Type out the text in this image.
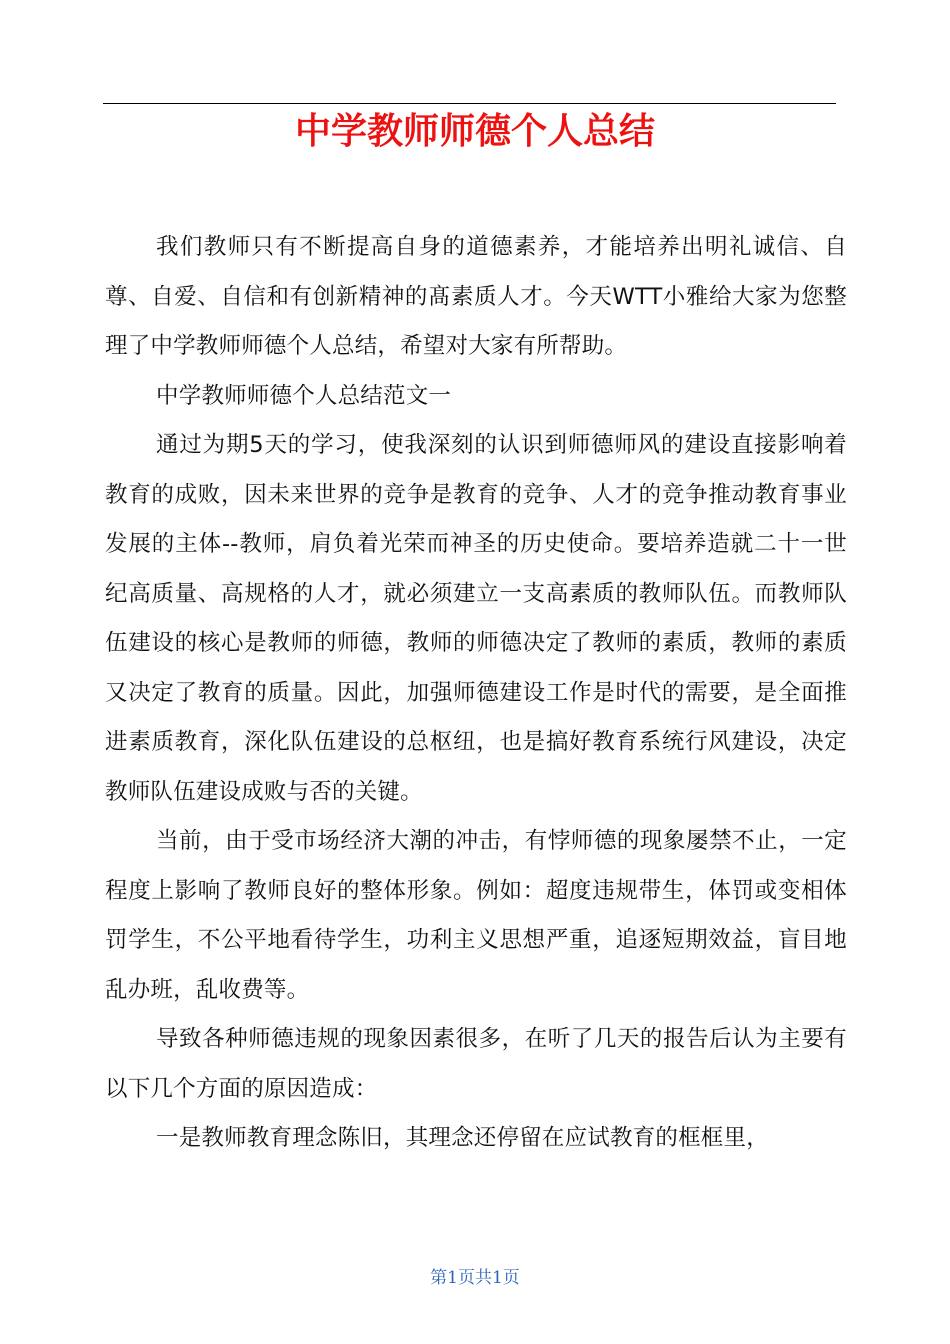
中学教师师德个人总结

我们教师只有不断提高自身的道德素养，才能培养出明礼诚信、自尊、自爱、自信和有创新精神的髙素质人才。今天WTT小雅给大家为您整理了中学教师师德个人总结，希望对大家有所帮助。

中学教师师德个人总结范文一

通过为期5天的学习，使我深刻的认识到师德师风的建设直接影响着教育的成败，因未来世界的竞争是教育的竞争、人才的竞争推动教育事业发展的主体--教师，肩负着光荣而神圣的历史使命。要培养造就二十一世纪高质量、高规格的人才，就必须建立一支高素质的教师队伍。而教师队伍建设的核心是教师的师德，教师的师德决定了教师的素质，教师的素质又决定了教育的质量。因此，加强师德建设工作是时代的需要，是全面推进素质教育，深化队伍建设的总枢纽，也是搞好教育系统行风建设，决定教师队伍建设成败与否的关键。

当前，由于受市场经济大潮的冲击，有悖师德的现象屡禁不止，一定程度上影响了教师良好的整体形象。例如：超度违规带生，体罚或变相体罚学生，不公平地看待学生，功利主义思想严重，追逐短期效益，盲目地乱办班，乱收费等。

导致各种师德违规的现象因素很多，在听了几天的报告后认为主要有以下几个方面的原因造成：

一是教师教育理念陈旧，其理念还停留在应试教育的框框里，

第1页共1页
